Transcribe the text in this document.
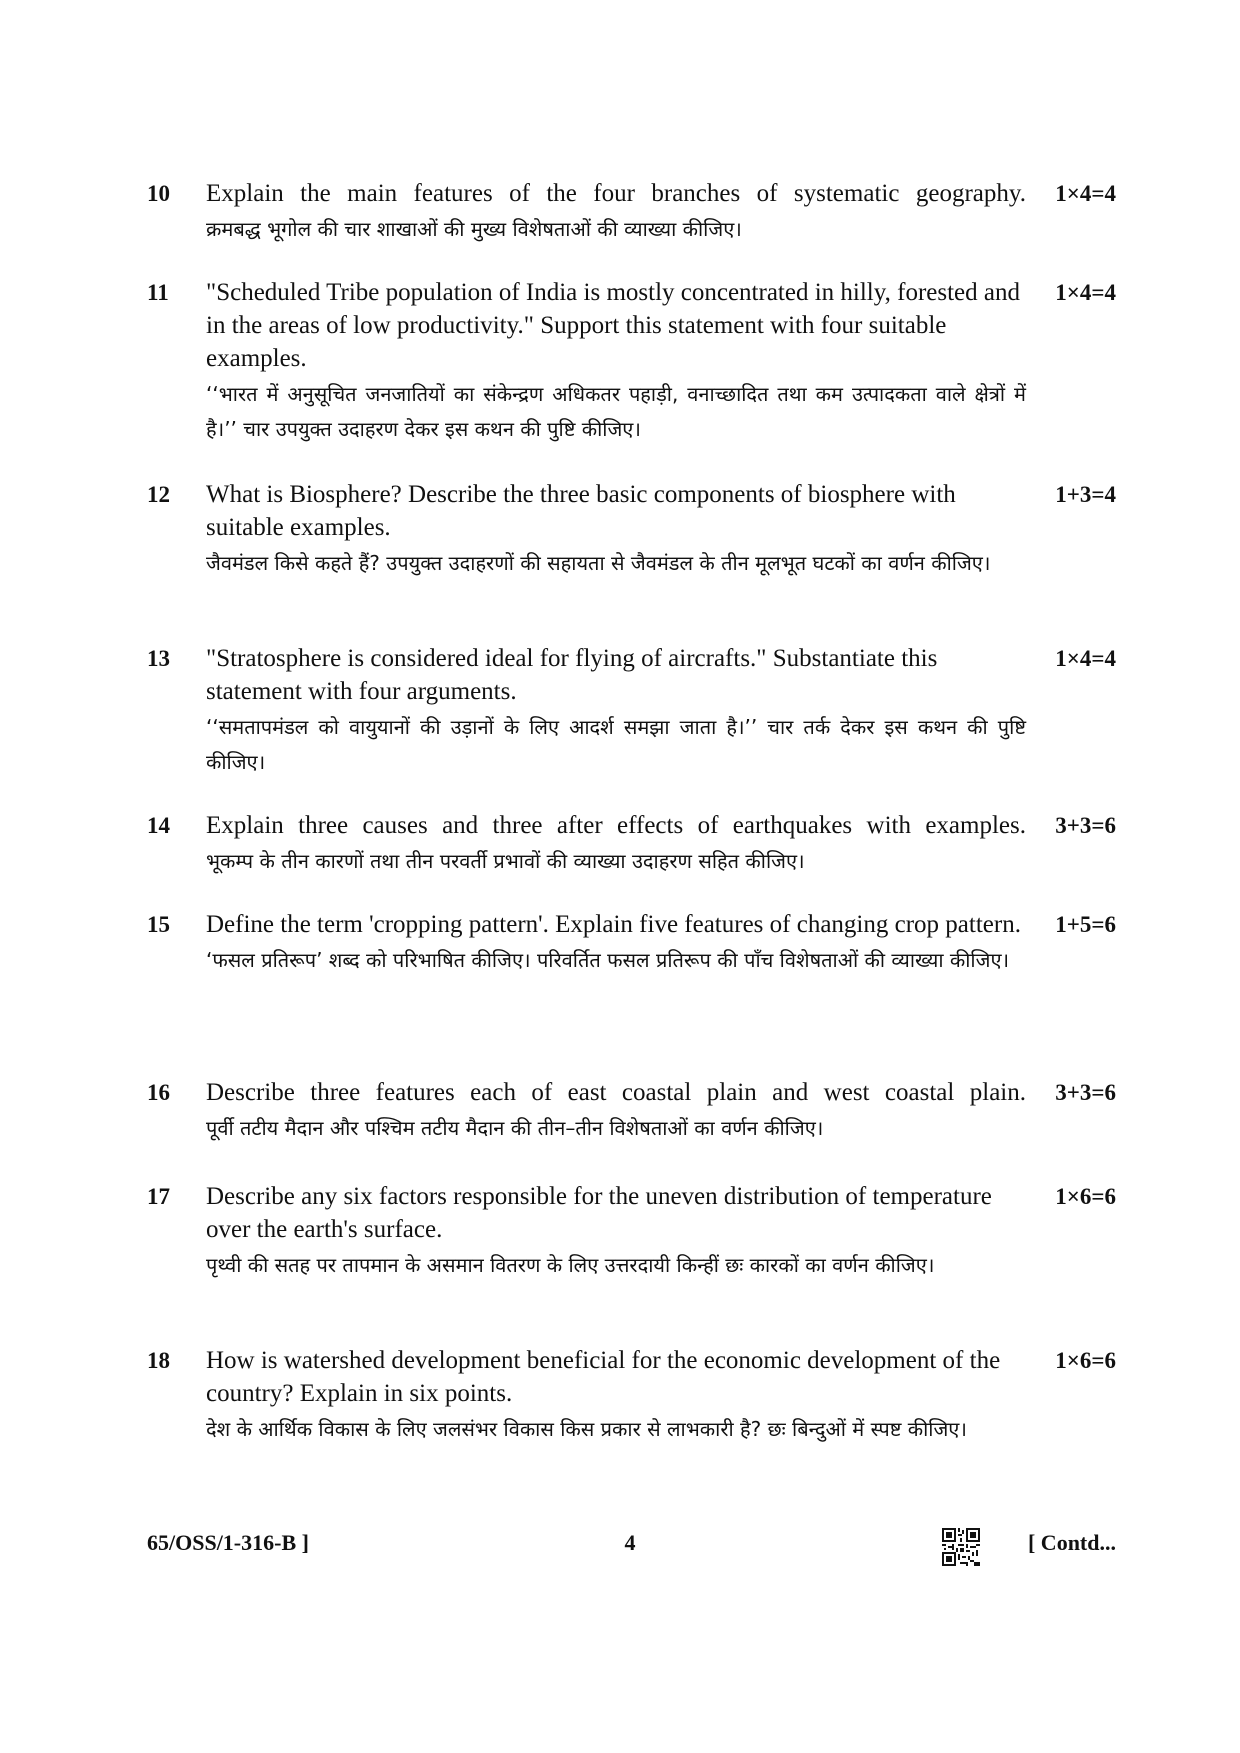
10 Explain the main features of the four branches of systematic geography.
क्रमबद्ध भूगोल की चार शाखाओं की मुख्य विशेषताओं की व्याख्या कीजिए।
1×4=4
11 "Scheduled Tribe population of India is mostly concentrated in hilly, forested and in the areas of low productivity." Support this statement with four suitable examples.
‘‘भारत में अनुसूचित जनजातियों का संकेन्द्रण अधिकतर पहाड़ी, वनाच्छादित तथा कम उत्पादकता वाले क्षेत्रों में है।’’ चार उपयुक्त उदाहरण देकर इस कथन की पुष्टि कीजिए।
1×4=4
12 What is Biosphere? Describe the three basic components of biosphere with suitable examples.
जैवमंडल किसे कहते हैं? उपयुक्त उदाहरणों की सहायता से जैवमंडल के तीन मूलभूत घटकों का वर्णन कीजिए।
1+3=4
13 "Stratosphere is considered ideal for flying of aircrafts." Substantiate this statement with four arguments.
‘‘समतापमंडल को वायुयानों की उड़ानों के लिए आदर्श समझा जाता है।’’ चार तर्क देकर इस कथन की पुष्टि कीजिए।
1×4=4
14 Explain three causes and three after effects of earthquakes with examples.
भूकम्प के तीन कारणों तथा तीन परवर्ती प्रभावों की व्याख्या उदाहरण सहित कीजिए।
3+3=6
15 Define the term 'cropping pattern'. Explain five features of changing crop pattern.
‘फसल प्रतिरूप’ शब्द को परिभाषित कीजिए। परिवर्तित फसल प्रतिरूप की पाँच विशेषताओं की व्याख्या कीजिए।
1+5=6
16 Describe three features each of east coastal plain and west coastal plain.
पूर्वी तटीय मैदान और पश्चिम तटीय मैदान की तीन–तीन विशेषताओं का वर्णन कीजिए।
3+3=6
17 Describe any six factors responsible for the uneven distribution of temperature over the earth's surface.
पृथ्वी की सतह पर तापमान के असमान वितरण के लिए उत्तरदायी किन्हीं छः कारकों का वर्णन कीजिए।
1×6=6
18 How is watershed development beneficial for the economic development of the country? Explain in six points.
देश के आर्थिक विकास के लिए जलसंभर विकास किस प्रकार से लाभकारी है? छः बिन्दुओं में स्पष्ट कीजिए।
1×6=6
65/OSS/1-316-B ]	4	[ Contd...
